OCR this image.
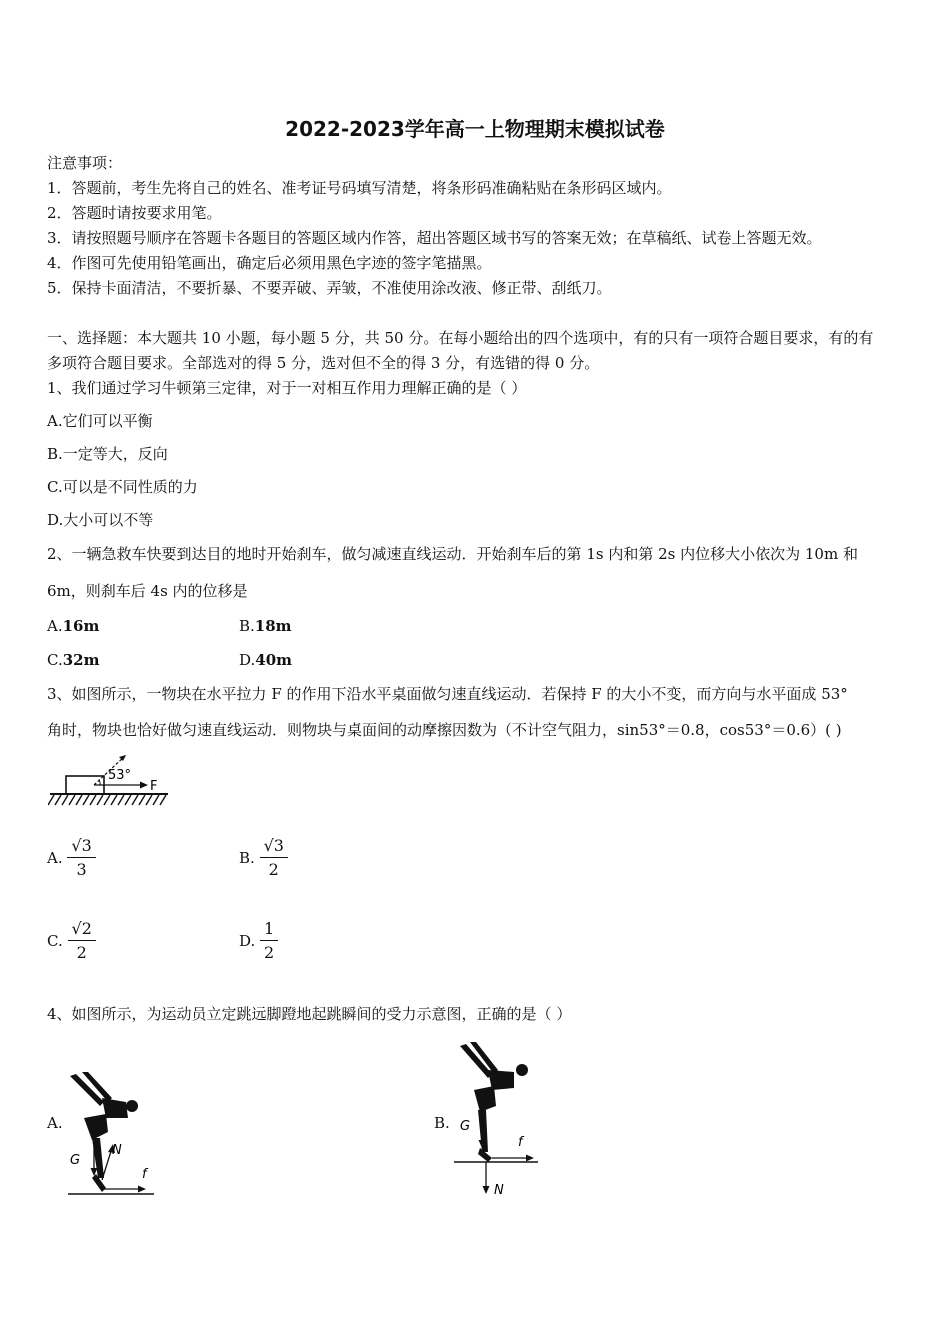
2022-2023学年高一上物理期末模拟试卷
注意事项：
1．答题前，考生先将自己的姓名、准考证号码填写清楚，将条形码准确粘贴在条形码区域内。
2．答题时请按要求用笔。
3．请按照题号顺序在答题卡各题目的答题区域内作答，超出答题区域书写的答案无效；在草稿纸、试卷上答题无效。
4．作图可先使用铅笔画出，确定后必须用黑色字迹的签字笔描黑。
5．保持卡面清洁，不要折暴、不要弄破、弄皱，不准使用涂改液、修正带、刮纸刀。
一、选择题：本大题共 10 小题，每小题 5 分，共 50 分。在每小题给出的四个选项中，有的只有一项符合题目要求，有的有
多项符合题目要求。全部选对的得 5 分，选对但不全的得 3 分，有选错的得 0 分。
1、我们通过学习牛顿第三定律，对于一对相互作用力理解正确的是（ ）
A.它们可以平衡
B.一定等大，反向
C.可以是不同性质的力
D.大小可以不等
2、一辆急救车快要到达目的地时开始刹车，做匀减速直线运动．开始刹车后的第 1s 内和第 2s 内位移大小依次为 10m 和
6m，则刹车后 4s 内的位移是
A.16m	B.18m
C.32m	D.40m
3、如图所示，一物块在水平拉力 F 的作用下沿水平桌面做匀速直线运动．若保持 F 的大小不变，而方向与水平面成 53°
角时，物块也恰好做匀速直线运动．则物块与桌面间的动摩擦因数为（不计空气阻力，sin53°＝0.8，cos53°＝0.6）( )
53°
F
A. $\frac{√3}{3}$	B. $\frac{√3}{2}$
C. $\frac{√2}{2}$	D. $\frac{1}{2}$
4、如图所示，为运动员立定跳远脚蹬地起跳瞬间的受力示意图，正确的是（ ）
A.
N
G
f
B. G
f
N
